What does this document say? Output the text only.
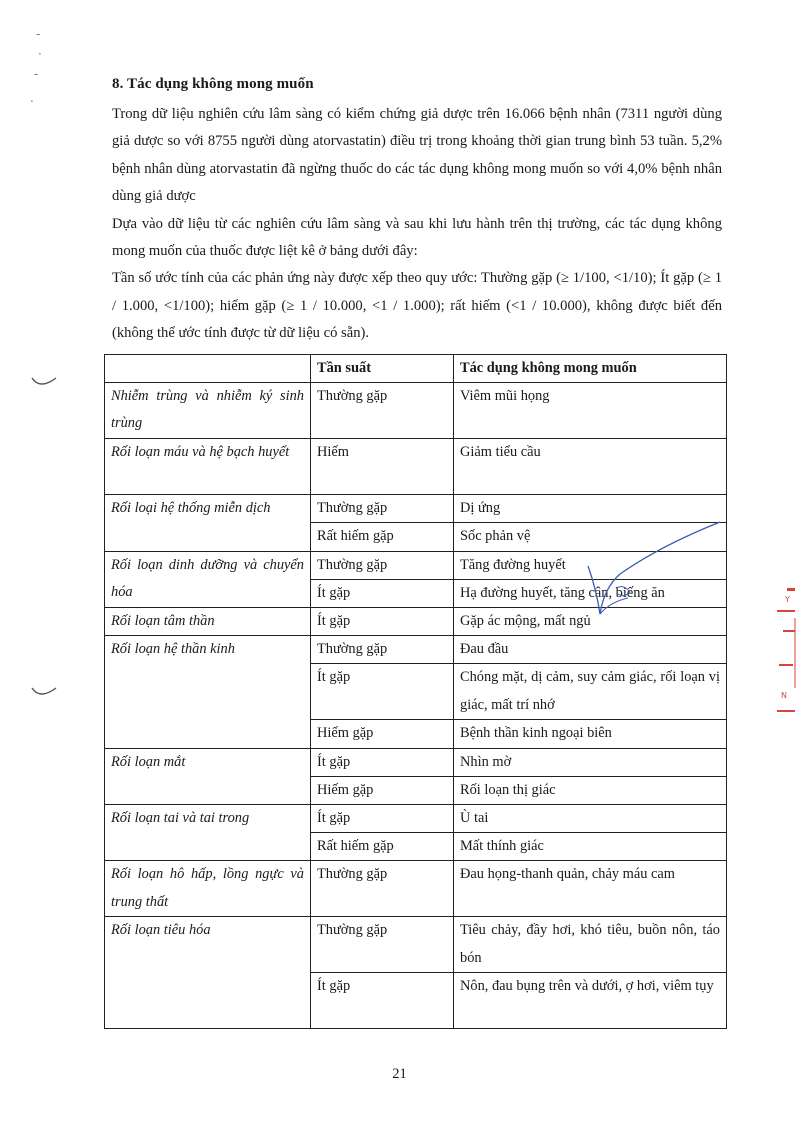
-
·
-
.
Y
N
8. Tác dụng không mong muốn

Trong dữ liệu nghiên cứu lâm sàng có kiểm chứng giả dược trên 16.066 bệnh nhân (7311 người dùng giả dược so với 8755 người dùng atorvastatin) điều trị trong khoảng thời gian trung bình 53 tuần. 5,2% bệnh nhân dùng atorvastatin đã ngừng thuốc do các tác dụng không mong muốn so với 4,0% bệnh nhân dùng giả dược

Dựa vào dữ liệu từ các nghiên cứu lâm sàng và sau khi lưu hành trên thị trường, các tác dụng không mong muốn của thuốc được liệt kê ở bảng dưới đây:

Tần số ước tính của các phản ứng này được xếp theo quy ước: Thường gặp (≥ 1/100, <1/10); Ít gặp (≥ 1 / 1.000, <1/100); hiếm gặp (≥ 1 / 10.000, <1 / 1.000); rất hiếm (<1 / 10.000), không được biết đến (không thể ước tính được từ dữ liệu có sẵn).

	Tần suất	Tác dụng không mong muốn
Nhiễm trùng và nhiễm ký sinh trùng	Thường gặp	Viêm mũi họng
Rối loạn máu và hệ bạch huyết	Hiếm	Giảm tiểu cầu
Rối loại hệ thống miễn dịch	Thường gặp	Dị ứng
	Rất hiếm gặp	Sốc phản vệ
Rối loạn dinh dưỡng và chuyển hóa	Thường gặp	Tăng đường huyết
	Ít gặp	Hạ đường huyết, tăng cân, biếng ăn
Rối loạn tâm thần	Ít gặp	Gặp ác mộng, mất ngủ
Rối loạn hệ thần kinh	Thường gặp	Đau đầu
	Ít gặp	Chóng mặt, dị cảm, suy cảm giác, rối loạn vị giác, mất trí nhớ
	Hiếm gặp	Bệnh thần kinh ngoại biên
Rối loạn mắt	Ít gặp	Nhìn mờ
	Hiếm gặp	Rối loạn thị giác
Rối loạn tai và tai trong	Ít gặp	Ù tai
	Rất hiếm gặp	Mất thính giác
Rối loạn hô hấp, lồng ngực và trung thất	Thường gặp	Đau họng-thanh quản, chảy máu cam
Rối loạn tiêu hóa	Thường gặp	Tiêu chảy, đầy hơi, khó tiêu, buồn nôn, táo bón
	Ít gặp	Nôn, đau bụng trên và dưới, ợ hơi, viêm tụy
21
